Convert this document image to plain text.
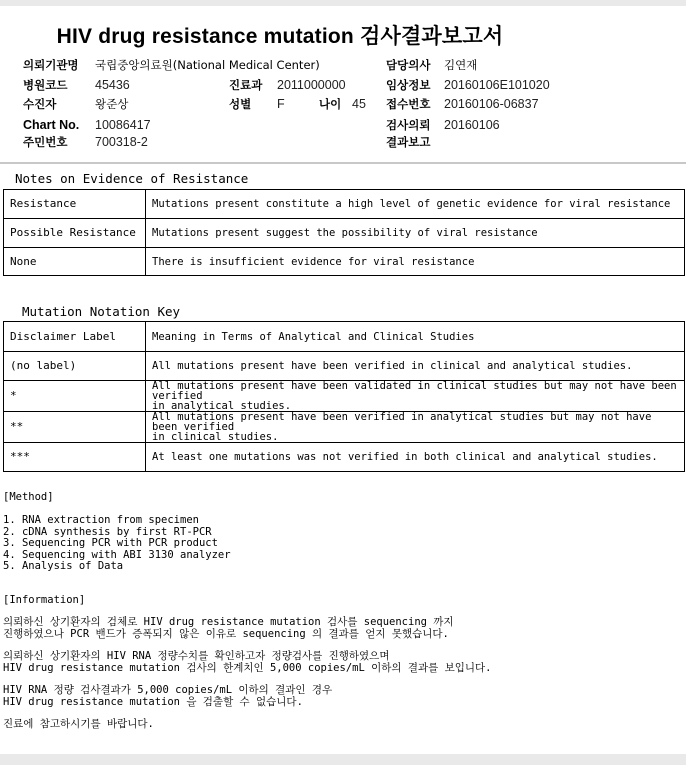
HIV drug resistance mutation 검사결과보고서
의뢰기관명 국립중앙의료원(National Medical Center)	담당의사 김연재
병원코드 45436	진료과 2011000000	임상정보 20160106E101020
수진자	왕준상	성별 F	나이 45 접수번호 20160106-06837
Chart No. 10086417	검사의뢰 20160106
주민번호 700318-2	결과보고
Notes on Evidence of Resistance
Resistance	Mutations present constitute a high level of genetic evidence for viral resistance
Possible Resistance	Mutations present suggest the possibility of viral resistance
None	There is insufficient evidence for viral resistance
Mutation Notation Key
Disclaimer Label	Meaning in Terms of Analytical and Clinical Studies
(no label)	All mutations present have been verified in clinical and analytical studies.
*	All mutations present have been validated in clinical studies but may not have been verified
in analytical studies.
**	All mutations present have been verified in analytical studies but may not have been verified
in clinical studies.
***	At least one mutations was not verified in both clinical and analytical studies.
[Method]
1. RNA extraction from specimen
2. cDNA synthesis by first RT-PCR
3. Sequencing PCR with PCR product
4. Sequencing with ABI 3130 analyzer
5. Analysis of Data
[Information]
의뢰하신 상기환자의 검체로 HIV drug resistance mutation 검사를 sequencing 까지
진행하였으나 PCR 밴드가 증폭되지 않은 이유로 sequencing 의 결과를 얻지 못했습니다.
의뢰하신 상기환자의 HIV RNA 정량수치를 확인하고자 정량검사를 진행하였으며
HIV drug resistance mutation 검사의 한계치인 5,000 copies/mL 이하의 결과를 보입니다.
HIV RNA 정량 검사결과가 5,000 copies/mL 이하의 결과인 경우
HIV drug resistance mutation 을 검출할 수 없습니다.
진료에 참고하시기를 바랍니다.
